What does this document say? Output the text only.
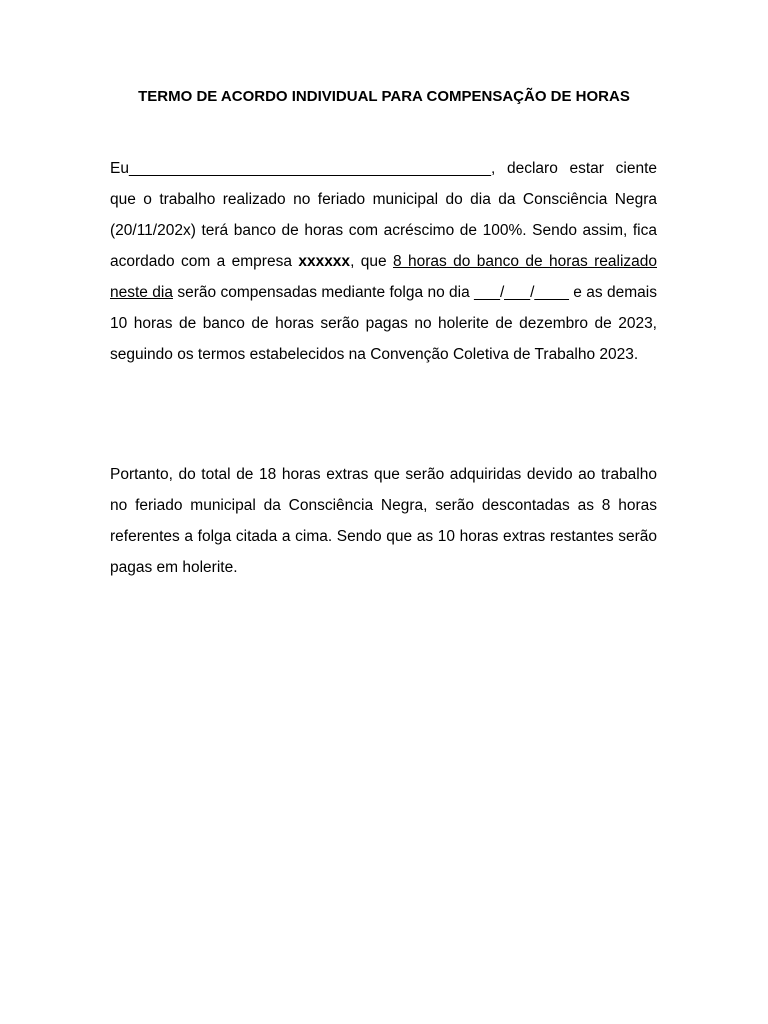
TERMO DE ACORDO INDIVIDUAL PARA COMPENSAÇÃO DE HORAS

Eu__________________________________________, declaro estar ciente que o trabalho realizado no feriado municipal do dia da Consciência Negra (20/11/202x) terá banco de horas com acréscimo de 100%. Sendo assim, fica acordado com a empresa xxxxxx, que 8 horas do banco de horas realizado neste dia serão compensadas mediante folga no dia ___/___/____ e as demais 10 horas de banco de horas serão pagas no holerite de dezembro de 2023, seguindo os termos estabelecidos na Convenção Coletiva de Trabalho 2023.

Portanto, do total de 18 horas extras que serão adquiridas devido ao trabalho no feriado municipal da Consciência Negra, serão descontadas as 8 horas referentes a folga citada a cima. Sendo que as 10 horas extras restantes serão pagas em holerite.
